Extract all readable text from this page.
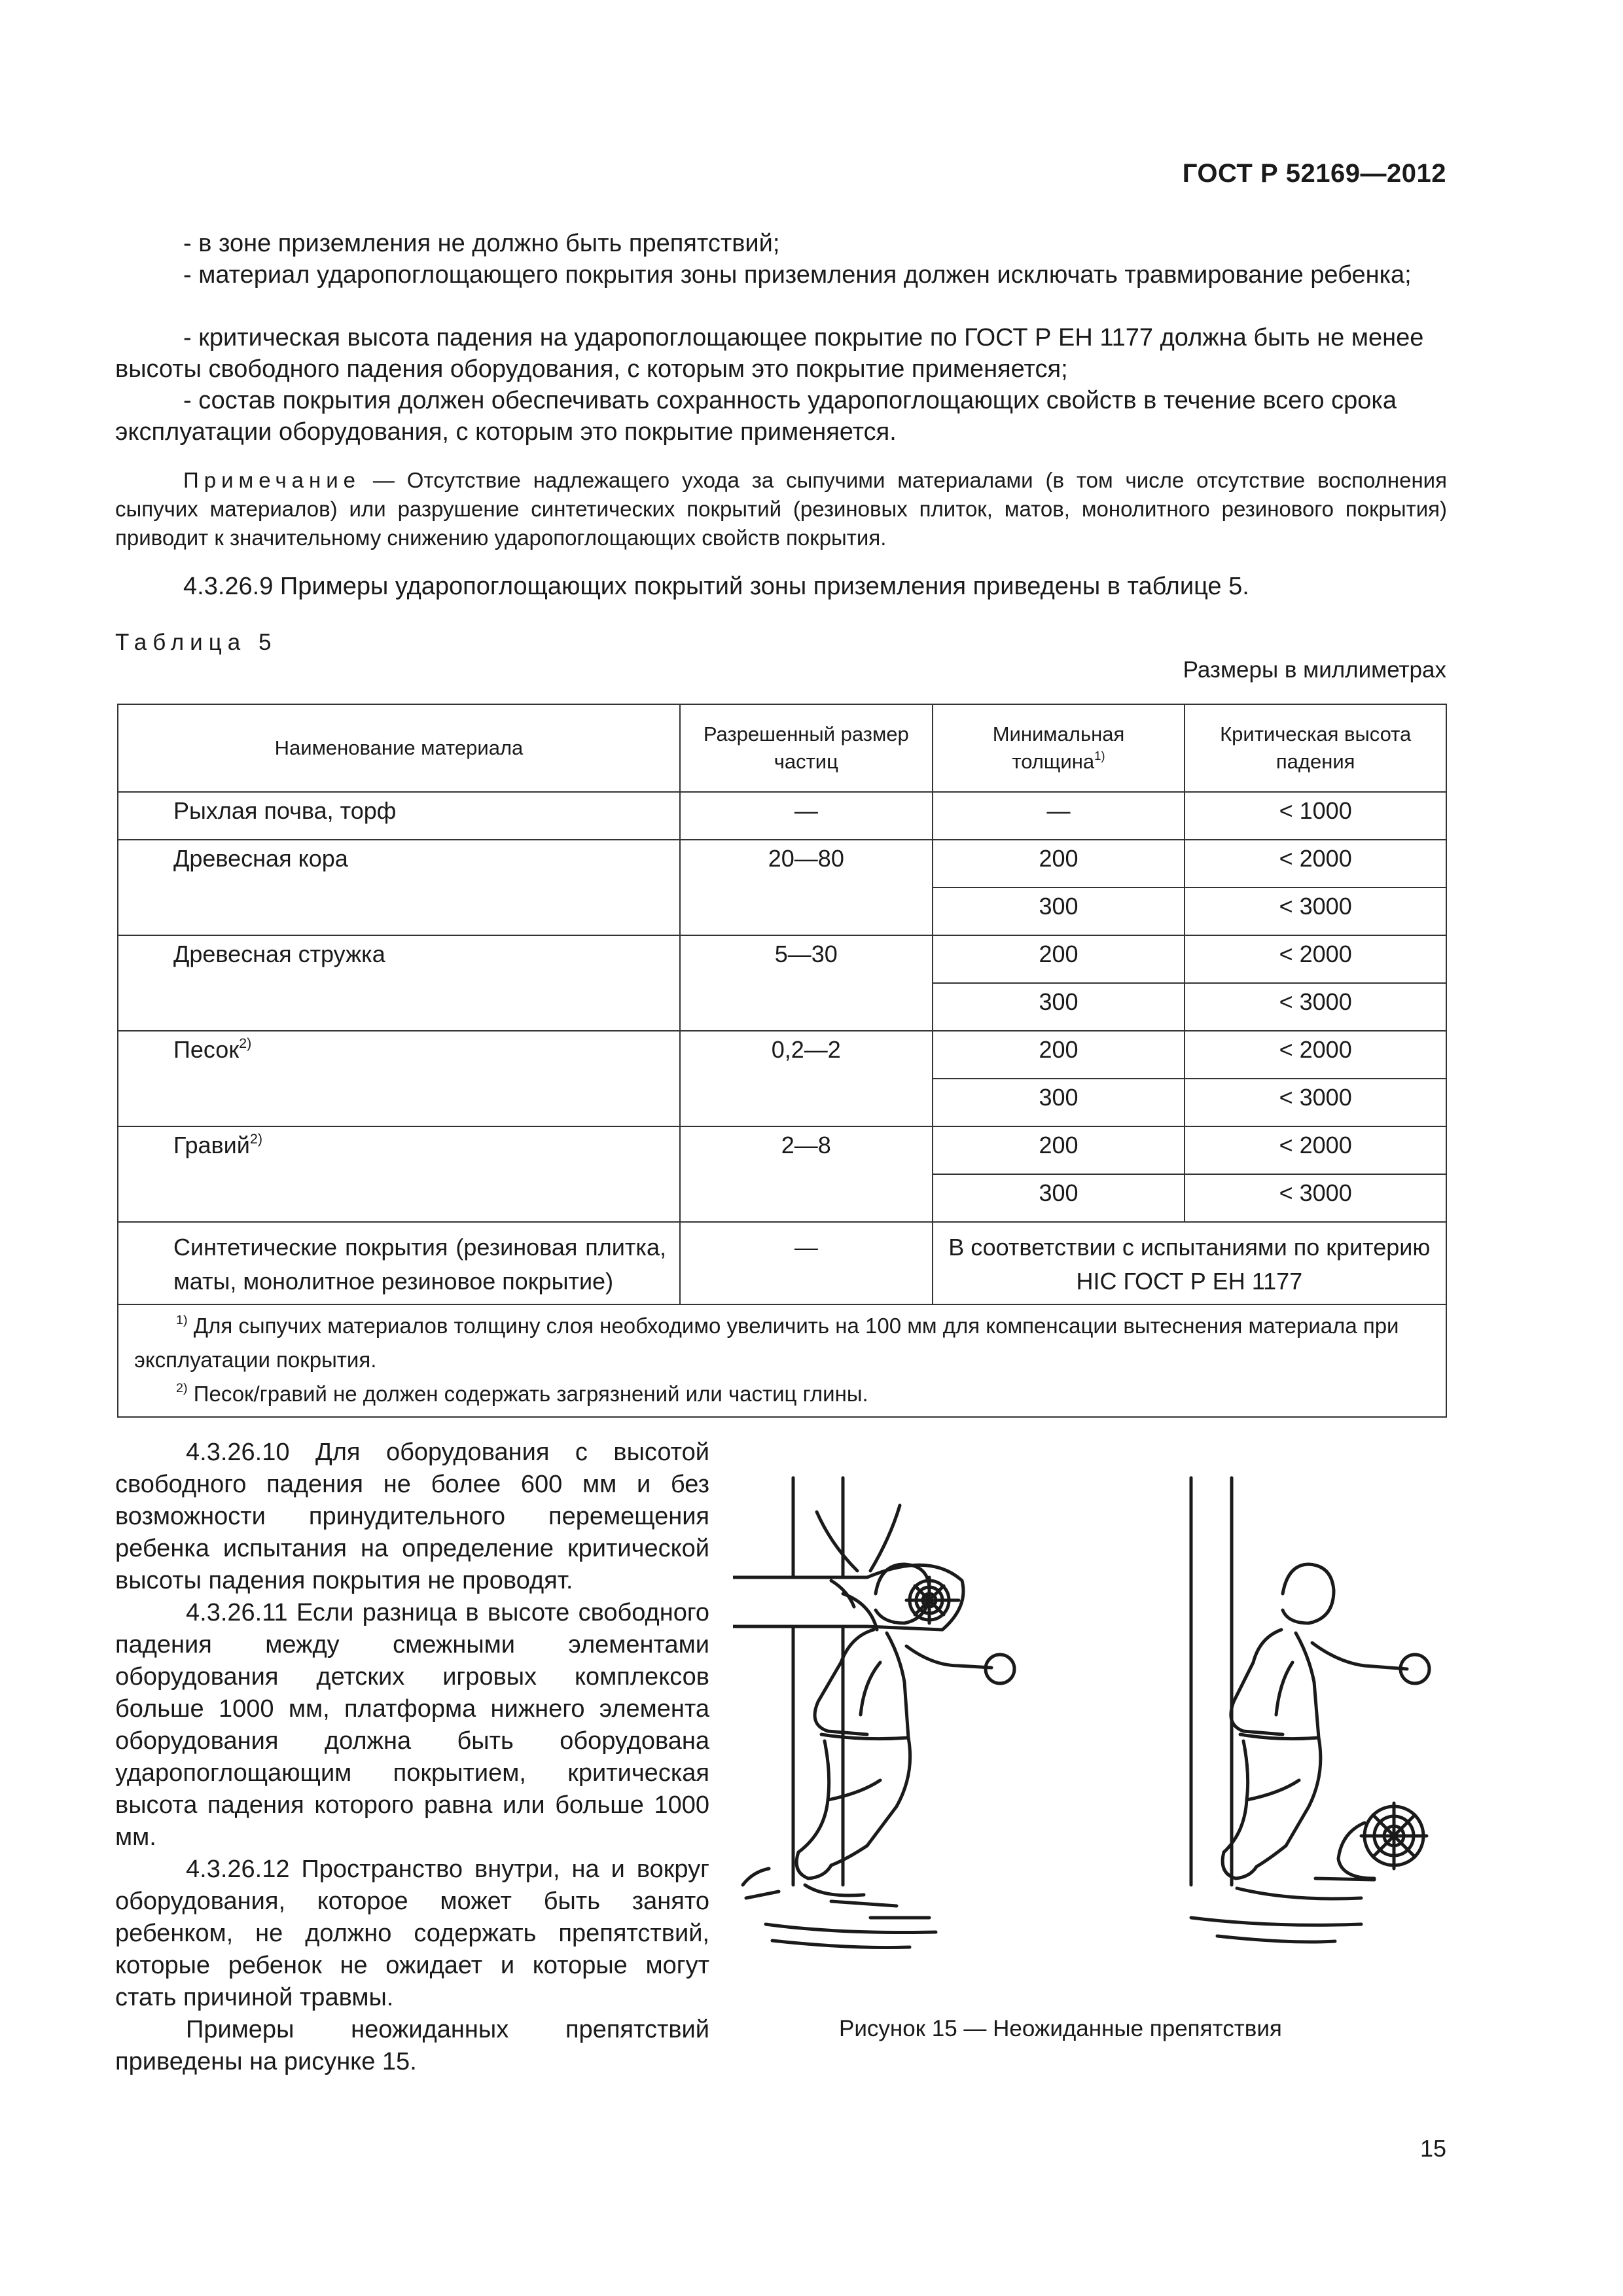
ГОСТ Р 52169—2012
- в зоне приземления не должно быть препятствий;
- материал ударопоглощающего покрытия зоны приземления должен исключать травмирование ребенка;
- критическая высота падения на ударопоглощающее покрытие по ГОСТ Р ЕН 1177 должна быть не менее высоты свободного падения оборудования, с которым это покрытие применяется;
- состав покрытия должен обеспечивать сохранность ударопоглощающих свойств в течение всего срока эксплуатации оборудования, с которым это покрытие применяется.
Примечание — Отсутствие надлежащего ухода за сыпучими материалами (в том числе отсутствие восполнения сыпучих материалов) или разрушение синтетических покрытий (резиновых плиток, матов, монолитного резинового покрытия) приводит к значительному снижению ударопоглощающих свойств покрытия.
4.3.26.9 Примеры ударопоглощающих покрытий зоны приземления приведены в таблице 5.
Таблица 5
Размеры в миллиметрах
Наименование материала	Разрешенный размер частиц	Минимальная толщина$^{1)}$	Критическая высота падения
Рыхлая почва, торф	—	—	< 1000
Древесная кора	20—80	200	< 2000
		300	< 3000
Древесная стружка	5—30	200	< 2000
		300	< 3000
Песок$^{2)}$	0,2—2	200	< 2000
		300	< 3000
Гравий$^{2)}$	2—8	200	< 2000
		300	< 3000
Синтетические покрытия (резиновая плитка, маты, монолитное резиновое покрытие)	—	В соответствии с испытаниями по критерию HIC ГОСТ Р ЕН 1177	

$^{1)}$ Для сыпучих материалов толщину слоя необходимо увеличить на 100 мм для компенсации вытеснения материала при эксплуатации покрытия.
$^{2)}$ Песок/гравий не должен содержать загрязнений или частиц глины.			

4.3.26.10 Для оборудования с высотой свободного падения не более 600 мм и без возможности принудительного перемещения ребенка испытания на определение критической высоты падения покрытия не проводят.

4.3.26.11 Если разница в высоте свободного падения между смежными элементами оборудования детских игровых комплексов больше 1000 мм, платформа нижнего элемента оборудования должна быть оборудована ударопоглощающим покрытием, критическая высота падения которого равна или больше 1000 мм.

4.3.26.12 Пространство внутри, на и вокруг оборудования, которое может быть занято ребенком, не должно содержать препятствий, которые ребенок не ожидает и которые могут стать причиной травмы.

Примеры неожиданных препятствий приведены на рисунке 15.

Рисунок 15 — Неожиданные препятствия
15
